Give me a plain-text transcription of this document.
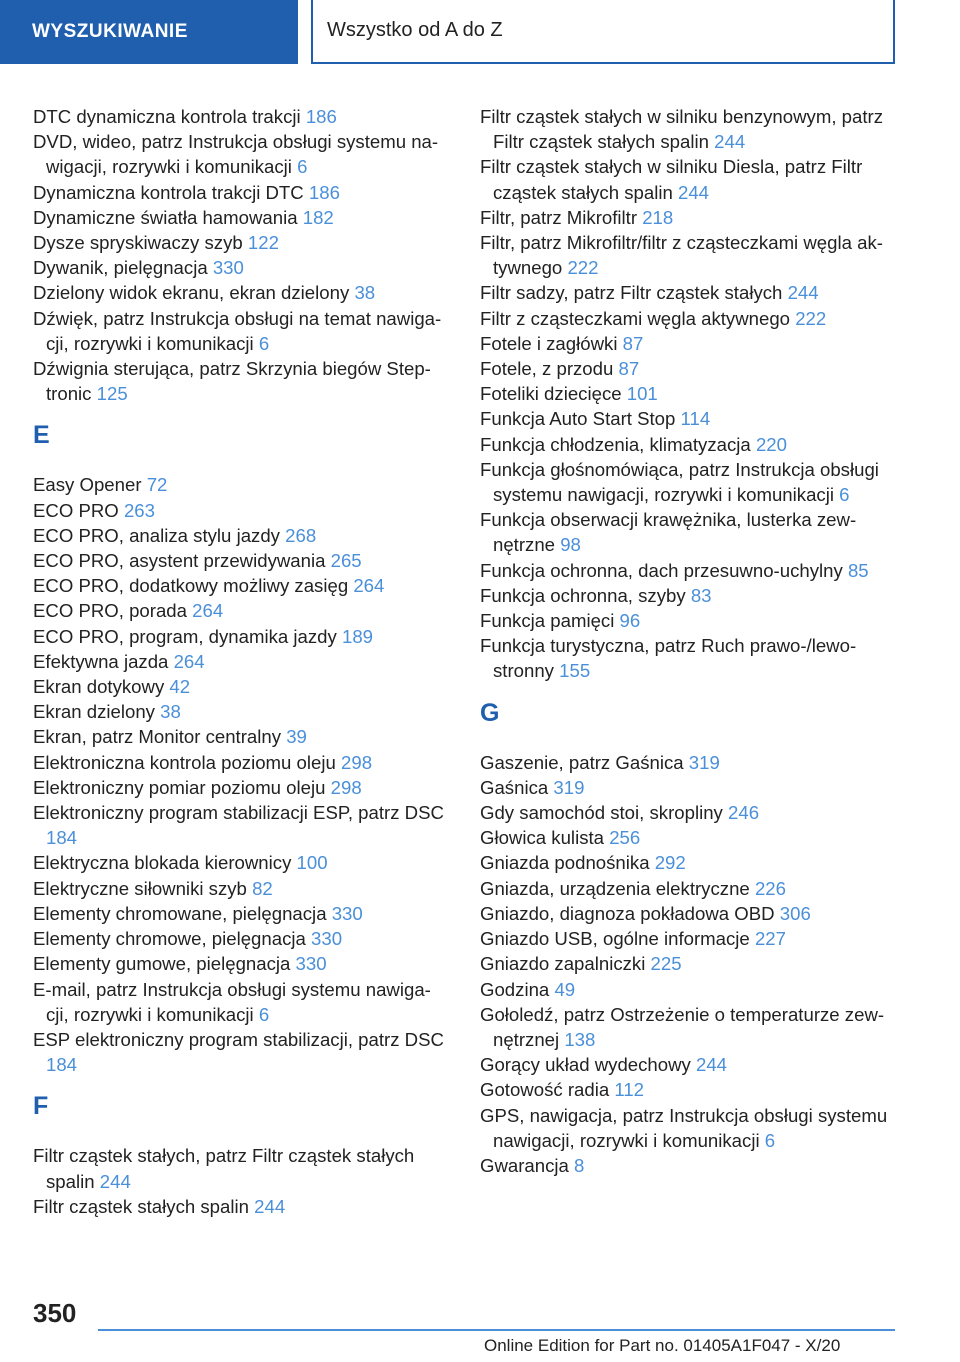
WYSZUKIWANIE	Wszystko od A do Z

DTC dynamiczna kontrola trakcji 186

DVD, wideo, patrz Instrukcja obsługi systemu na-wigacji, rozrywki i komunikacji 6

Dynamiczna kontrola trakcji DTC 186

Dynamiczne światła hamowania 182

Dysze spryskiwaczy szyb 122

Dywanik, pielęgnacja 330

Dzielony widok ekranu, ekran dzielony 38

Dźwięk, patrz Instrukcja obsługi na temat nawiga-cji, rozrywki i komunikacji 6

Dźwignia sterująca, patrz Skrzynia biegów Step-tronic 125

E

Easy Opener 72

ECO PRO 263

ECO PRO, analiza stylu jazdy 268

ECO PRO, asystent przewidywania 265

ECO PRO, dodatkowy możliwy zasięg 264

ECO PRO, porada 264

ECO PRO, program, dynamika jazdy 189

Efektywna jazda 264

Ekran dotykowy 42

Ekran dzielony 38

Ekran, patrz Monitor centralny 39

Elektroniczna kontrola poziomu oleju 298

Elektroniczny pomiar poziomu oleju 298

Elektroniczny program stabilizacji ESP, patrz DSC 184

Elektryczna blokada kierownicy 100

Elektryczne siłowniki szyb 82

Elementy chromowane, pielęgnacja 330

Elementy chromowe, pielęgnacja 330

Elementy gumowe, pielęgnacja 330

E-mail, patrz Instrukcja obsługi systemu nawiga-cji, rozrywki i komunikacji 6

ESP elektroniczny program stabilizacji, patrz DSC 184

F

Filtr cząstek stałych, patrz Filtr cząstek stałych spalin 244

Filtr cząstek stałych spalin 244

Filtr cząstek stałych w silniku benzynowym, patrz Filtr cząstek stałych spalin 244

Filtr cząstek stałych w silniku Diesla, patrz Filtr cząstek stałych spalin 244

Filtr, patrz Mikrofiltr 218

Filtr, patrz Mikrofiltr/filtr z cząsteczkami węgla ak-tywnego 222

Filtr sadzy, patrz Filtr cząstek stałych 244

Filtr z cząsteczkami węgla aktywnego 222

Fotele i zagłówki 87

Fotele, z przodu 87

Foteliki dziecięce 101

Funkcja Auto Start Stop 114

Funkcja chłodzenia, klimatyzacja 220

Funkcja głośnomówiąca, patrz Instrukcja obsługi systemu nawigacji, rozrywki i komunikacji 6

Funkcja obserwacji krawężnika, lusterka zew-nętrzne 98

Funkcja ochronna, dach przesuwno-uchylny 85

Funkcja ochronna, szyby 83

Funkcja pamięci 96

Funkcja turystyczna, patrz Ruch prawo-/lewo-stronny 155

G

Gaszenie, patrz Gaśnica 319

Gaśnica 319

Gdy samochód stoi, skropliny 246

Głowica kulista 256

Gniazda podnośnika 292

Gniazda, urządzenia elektryczne 226

Gniazdo, diagnoza pokładowa OBD 306

Gniazdo USB, ogólne informacje 227

Gniazdo zapalniczki 225

Godzina 49

Gołoledź, patrz Ostrzeżenie o temperaturze zew-nętrznej 138

Gorący układ wydechowy 244

Gotowość radia 112

GPS, nawigacja, patrz Instrukcja obsługi systemu nawigacji, rozrywki i komunikacji 6

Gwarancja 8

350
Online Edition for Part no. 01405A1F047 - X/20
